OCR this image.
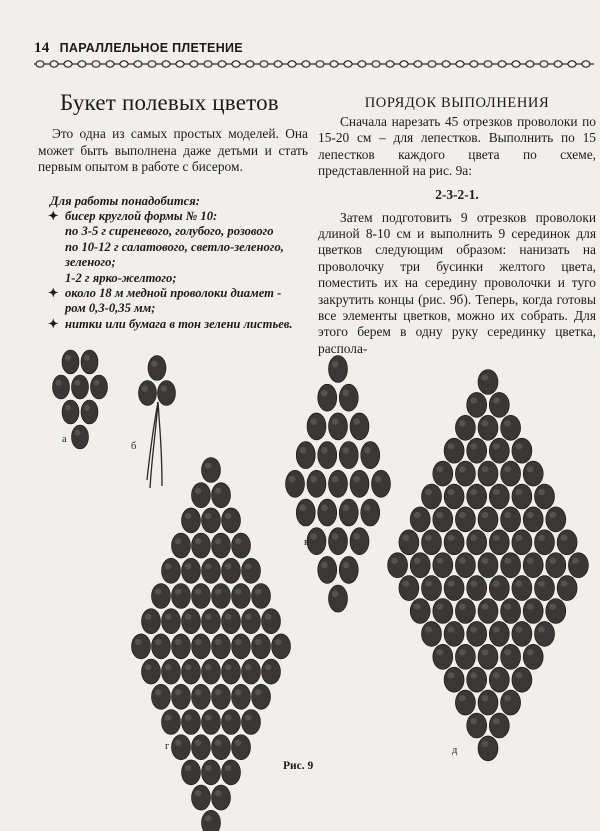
14 ПАРАЛЛЕЛЬНОЕ ПЛЕТЕНИЕ
Букет полевых цветов

Это одна из самых простых моделей. Она может быть выполнена даже детьми и стать первым опытом в работе с бисером.

Для работы понадобится:
✦ бисер круглой формы № 10:
по 3-5 г сиреневого, голубого, розового
по 10-12 г салатового, светло-зеленого,
зеленого;
1-2 г ярко-желтого;
✦ около 18 м медной проволоки диамет -
ром 0,3-0,35 мм;
✦ нитки или бумага в тон зелени листьев.
ПОРЯДОК ВЫПОЛНЕНИЯ

Сначала нарезать 45 отрезков проволоки по 15-20 см – для лепестков. Выполнить по 15 лепестков каждого цвета по схеме, представленной на рис. 9а:

2-3-2-1.

Затем подготовить 9 отрезков проволоки длиной 8-10 см и выполнить 9 серединок для цветков следующим образом: нанизать на проволочку три бусинки желтого цвета, поместить их на середину проволочки и туго закрутить концы (рис. 9б). Теперь, когда готовы все элементы цветков, можно их собрать. Для этого берем в одну руку серединку цветка, распола-

а
б
в
г	д
Рис. 9
